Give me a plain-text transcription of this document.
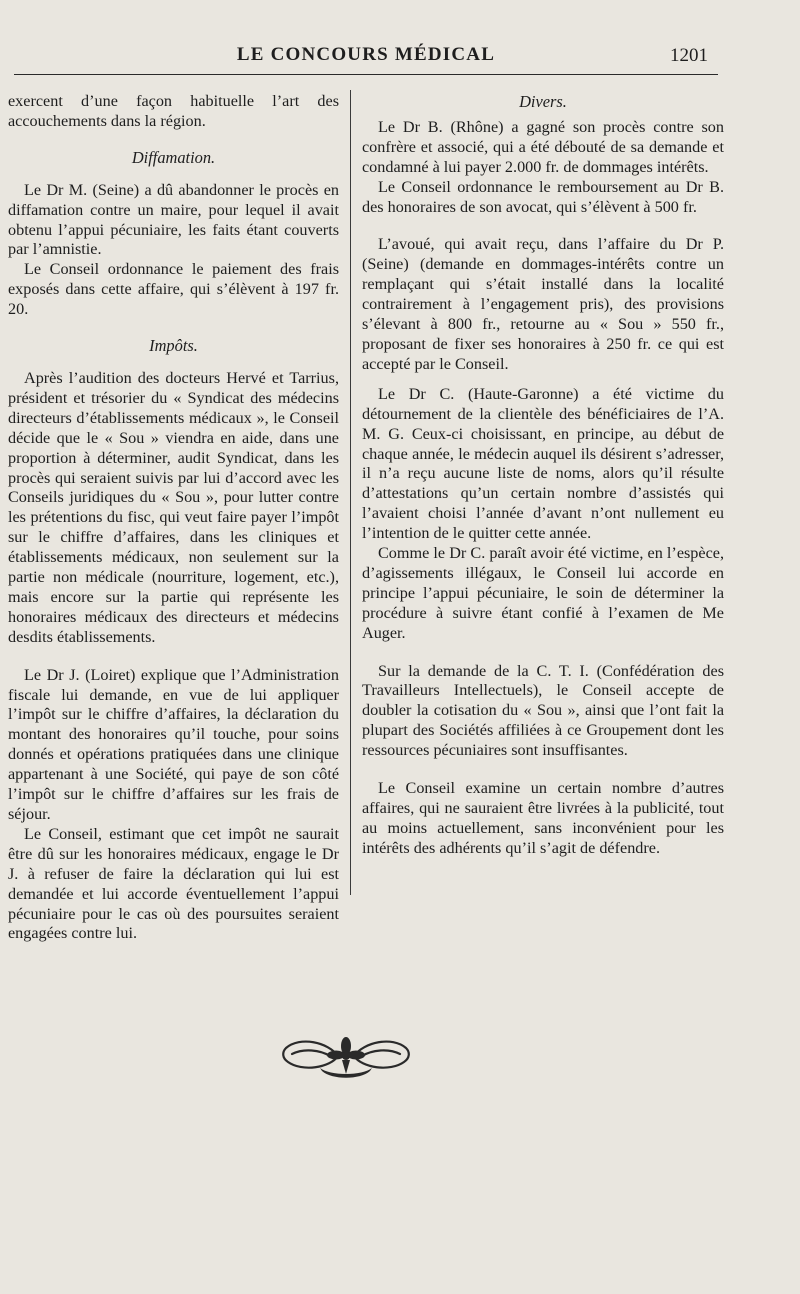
LE CONCOURS MÉDICAL	1201

exercent d’une façon habituelle l’art des accouchements dans la région.

Diffamation.

Le Dr M. (Seine) a dû abandonner le procès en diffamation contre un maire, pour lequel il avait obtenu l’appui pécuniaire, les faits étant couverts par l’amnistie.

Le Conseil ordonnance le paiement des frais exposés dans cette affaire, qui s’élèvent à 197 fr. 20.

Impôts.

Après l’audition des docteurs Hervé et Tarrius, président et trésorier du « Syndicat des médecins directeurs d’établissements médicaux », le Conseil décide que le « Sou » viendra en aide, dans une proportion à déterminer, audit Syndicat, dans les procès qui seraient suivis par lui d’accord avec les Conseils juridiques du « Sou », pour lutter contre les prétentions du fisc, qui veut faire payer l’impôt sur le chiffre d’affaires, dans les cliniques et établissements médicaux, non seulement sur la partie non médicale (nourriture, logement, etc.), mais encore sur la partie qui représente les honoraires médicaux des directeurs et médecins desdits établissements.

Le Dr J. (Loiret) explique que l’Administration fiscale lui demande, en vue de lui appliquer l’impôt sur le chiffre d’affaires, la déclaration du montant des honoraires qu’il touche, pour soins donnés et opérations pratiquées dans une clinique appartenant à une Société, qui paye de son côté l’impôt sur le chiffre d’affaires sur les frais de séjour.

Le Conseil, estimant que cet impôt ne saurait être dû sur les honoraires médicaux, engage le Dr J. à refuser de faire la déclaration qui lui est demandée et lui accorde éventuellement l’appui pécuniaire pour le cas où des poursuites seraient engagées contre lui.

Divers.

Le Dr B. (Rhône) a gagné son procès contre son confrère et associé, qui a été débouté de sa demande et condamné à lui payer 2.000 fr. de dommages intérêts.

Le Conseil ordonnance le remboursement au Dr B. des honoraires de son avocat, qui s’élèvent à 500 fr.

L’avoué, qui avait reçu, dans l’affaire du Dr P. (Seine) (demande en dommages-intérêts contre un remplaçant qui s’était installé dans la localité contrairement à l’engagement pris), des provisions s’élevant à 800 fr., retourne au « Sou » 550 fr., proposant de fixer ses honoraires à 250 fr. ce qui est accepté par le Conseil.

Le Dr C. (Haute-Garonne) a été victime du détournement de la clientèle des bénéficiaires de l’A. M. G. Ceux-ci choisissant, en principe, au début de chaque année, le médecin auquel ils désirent s’adresser, il n’a reçu aucune liste de noms, alors qu’il résulte d’attestations qu’un certain nombre d’assistés qui l’avaient choisi l’année d’avant n’ont nullement eu l’intention de le quitter cette année.

Comme le Dr C. paraît avoir été victime, en l’espèce, d’agissements illégaux, le Conseil lui accorde en principe l’appui pécuniaire, le soin de déterminer la procédure à suivre étant confié à l’examen de Me Auger.

Sur la demande de la C. T. I. (Confédération des Travailleurs Intellectuels), le Conseil accepte de doubler la cotisation du « Sou », ainsi que l’ont fait la plupart des Sociétés affiliées à ce Groupement dont les ressources pécuniaires sont insuffisantes.

Le Conseil examine un certain nombre d’autres affaires, qui ne sauraient être livrées à la publicité, tout au moins actuellement, sans inconvénient pour les intérêts des adhérents qu’il s’agit de défendre.
